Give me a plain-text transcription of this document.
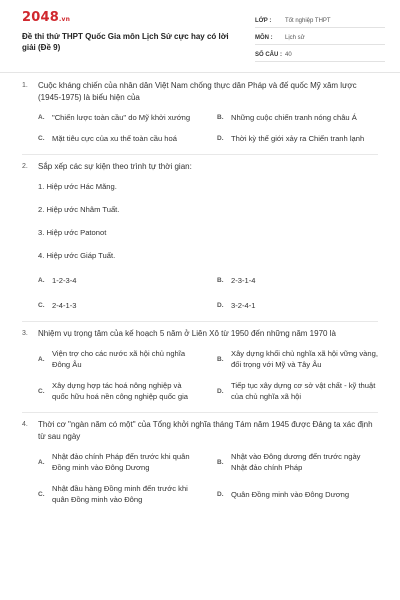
2048.vn
Đề thi thử THPT Quốc Gia môn Lịch Sử cực hay có lời giải (Đề 9)
LỚP :	Tốt nghiệp THPT
MÔN :	Lịch sử
SỐ CÂU : 40
1.	Cuộc kháng chiến của nhân dân Việt Nam chống thực dân Pháp và đế quốc Mỹ xâm lược (1945-1975) là biểu hiện của
A. "Chiến lược toàn cầu" do Mỹ khởi xướng	B. Những cuộc chiến tranh nóng châu Á
C. Mặt tiêu cực của xu thế toàn cầu hoá	D. Thời kỳ thế giới xảy ra Chiến tranh lạnh
2.	Sắp xếp các sự kiện theo trình tự thời gian:
1. Hiệp ước Hác Măng.
2. Hiệp ước Nhâm Tuất.
3. Hiệp ước Patonot
4. Hiệp ước Giáp Tuất.
A. 1-2-3-4	B. 2-3-1-4
C. 2-4-1-3	D. 3-2-4-1
3.	Nhiệm vụ trọng tâm của kế hoạch 5 năm ở Liên Xô từ 1950 đến những năm 1970 là
A.
Viện trợ cho các nước xã hội chủ nghĩa Đông Âu
B.
Xây dựng khối chủ nghĩa xã hội vững vàng, đối trọng với Mỹ và Tây Âu
C.
Xây dựng hợp tác hoá nông nghiệp và quốc hữu hoá nền công nghiệp quốc gia
D.
Tiếp tục xây dựng cơ sở vật chất - kỹ thuật của chủ nghĩa xã hội
4.	Thời cơ "ngàn năm có một" của Tổng khởi nghĩa tháng Tám năm 1945 được Đảng ta xác định từ sau ngày
A.
Nhật đảo chính Pháp đến trước khi quân Đồng minh vào Đông Dương
B.
Nhật vào Đông dương đến trước ngày Nhật đảo chính Pháp
C.
Nhật đầu hàng Đồng minh đến trước khi quân Đồng minh vào Đông
D. Quân Đồng minh vào Đông Dương
